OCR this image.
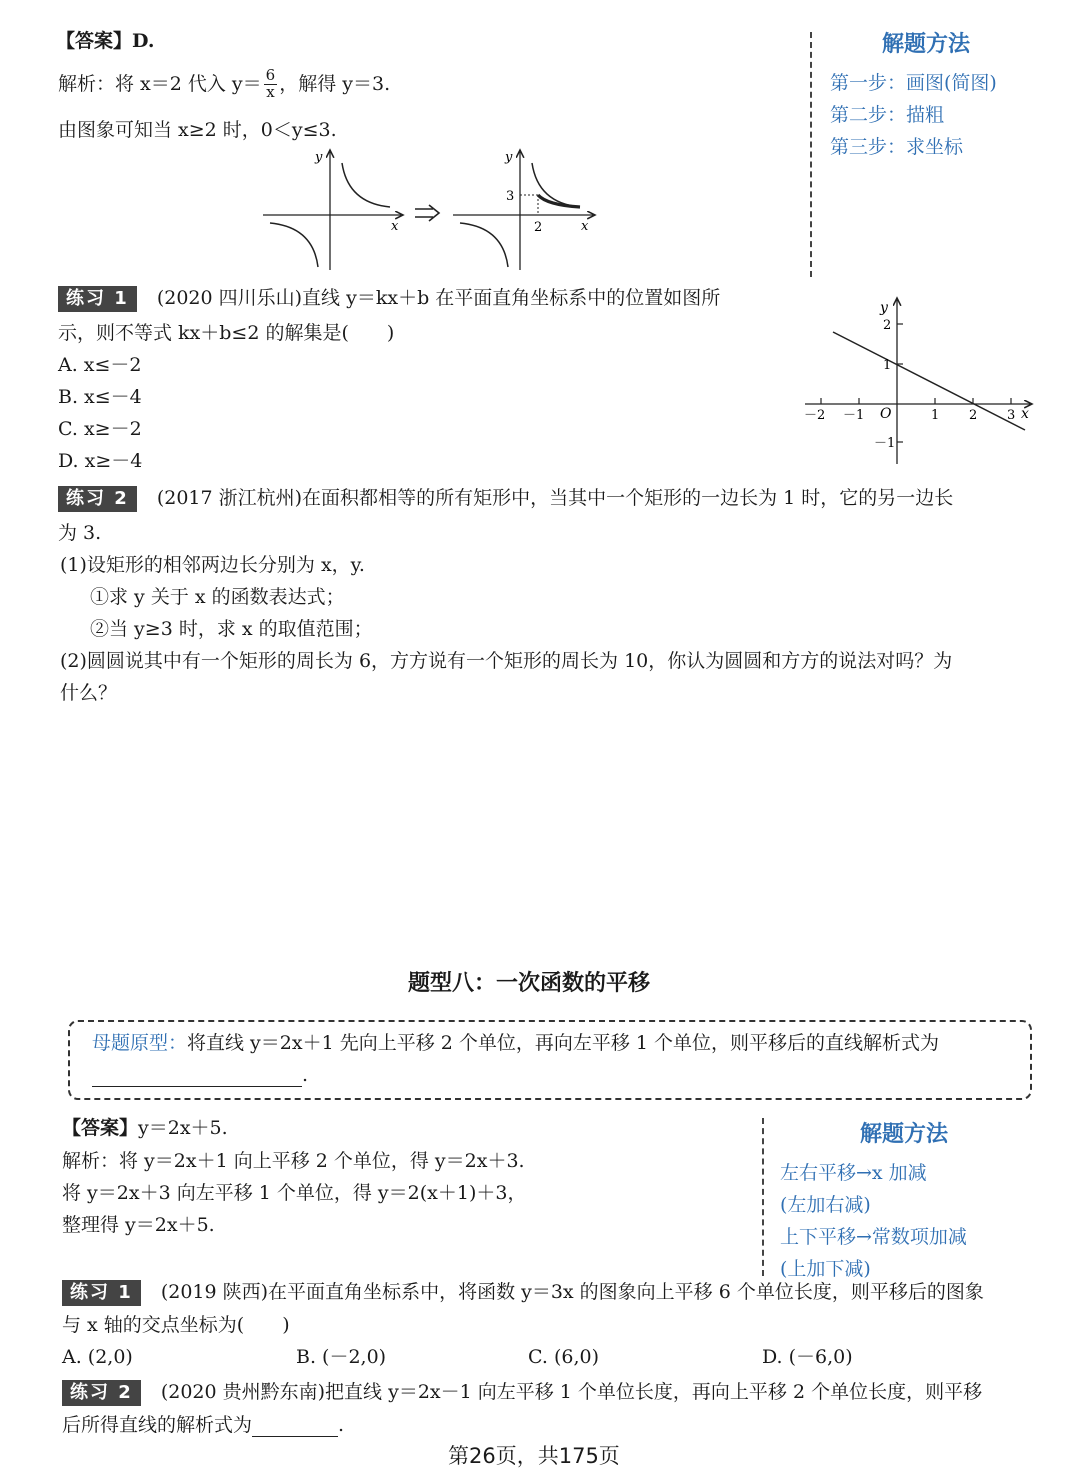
【答案】D.
解析：将 x＝2 代入 $y= \frac{6}{x}$ ，解得 y＝3.
由图象可知当 x≥2 时，0＜y≤3.
y
x
y
x
3
2
解题方法
第一步：画图(简图)
第二步：描粗
第三步：求坐标
练习 1 (2020 四川乐山)直线 y＝kx＋b 在平面直角坐标系中的位置如图所
示，则不等式 kx＋b≤2 的解集是(　　)
A. x≤－2
B. x≤－4
C. x≥－2
D. x≥－4
y
x
O
2
1
－1
－2 －1	1 2 3
练习 2 (2017 浙江杭州)在面积都相等的所有矩形中，当其中一个矩形的一边长为 1 时，它的另一边长
为 3.
(1)设矩形的相邻两边长分别为 x，y.
①求 y 关于 x 的函数表达式；
②当 y≥3 时，求 x 的取值范围；
(2)圆圆说其中有一个矩形的周长为 6，方方说有一个矩形的周长为 10，你认为圆圆和方方的说法对吗？为
什么？
题型八：一次函数的平移
母题原型：将直线 y＝2x＋1 先向上平移 2 个单位，再向左平移 1 个单位，则平移后的直线解析式为
.
【答案】y＝2x＋5.
解析：将 y＝2x＋1 向上平移 2 个单位，得 y＝2x＋3.
将 y＝2x＋3 向左平移 1 个单位，得 y＝2(x＋1)＋3，
整理得 y＝2x＋5.
解题方法
左右平移→x 加减
(左加右减)
上下平移→常数项加减
(上加下减)
练习 1 (2019 陕西)在平面直角坐标系中，将函数 y＝3x 的图象向上平移 6 个单位长度，则平移后的图象
与 x 轴的交点坐标为(　　)
A. (2,0)	B. (－2,0)	C. (6,0)	D. (－6,0)
练习 2 (2020 贵州黔东南)把直线 y＝2x－1 向左平移 1 个单位长度，再向上平移 2 个单位长度，则平移
后所得直线的解析式为	.
第26页，共175页
